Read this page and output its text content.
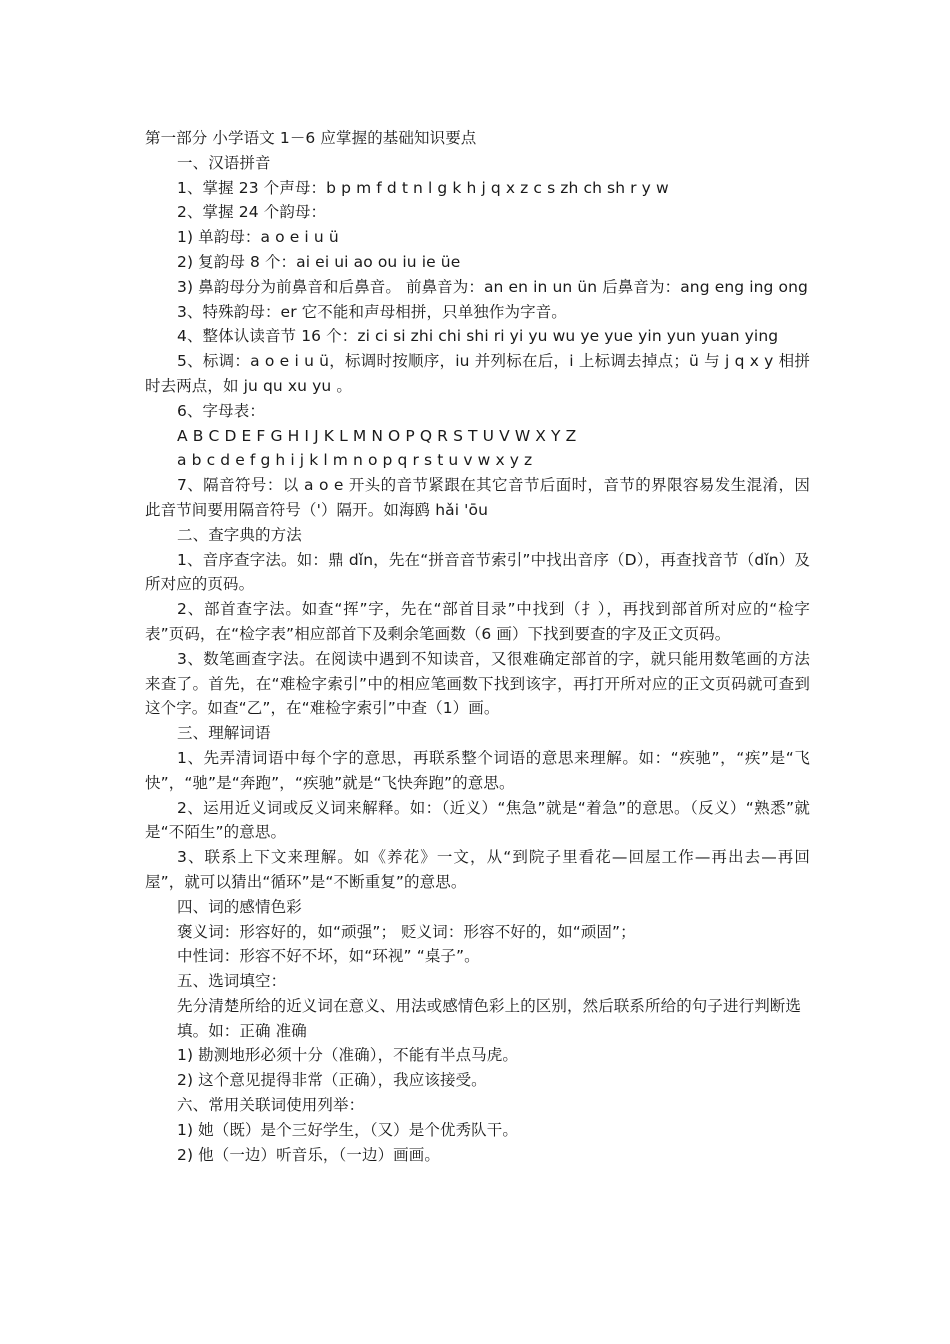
第一部分 小学语文 1－6 应掌握的基础知识要点
一、汉语拼音
1、掌握 23 个声母：b p m f d t n l g k h j q x z c s zh ch sh r y w
2、掌握 24 个韵母：
1) 单韵母：a o e i u ü
2) 复韵母 8 个：ai ei ui ao ou iu ie üe
3) 鼻韵母分为前鼻音和后鼻音。 前鼻音为：an en in un ün 后鼻音为：ang eng ing ong
3、特殊韵母：er 它不能和声母相拼，只单独作为字音。
4、整体认读音节 16 个：zi ci si zhi chi shi ri yi yu wu ye yue yin yun yuan ying
5、标调：a o e i u ü，标调时按顺序，iu 并列标在后，i 上标调去掉点；ü 与 j q x y 相拼时去两点，如 ju qu xu yu 。
6、字母表：
A B C D E F G H I J K L M N O P Q R S T U V W X Y Z
a b c d e f g h i j k l m n o p q r s t u v w x y z
7、隔音符号：以 a o e 开头的音节紧跟在其它音节后面时，音节的界限容易发生混淆，因此音节间要用隔音符号（'）隔开。如海鸥 hǎi 'ōu
二、查字典的方法
1、音序查字法。如：鼎 dǐn，先在“拼音音节索引”中找出音序（D），再查找音节（dǐn）及所对应的页码。
2、部首查字法。如查“挥”字，先在“部首目录”中找到（扌），再找到部首所对应的“检字表”页码，在“检字表”相应部首下及剩余笔画数（6 画）下找到要查的字及正文页码。
3、数笔画查字法。在阅读中遇到不知读音，又很难确定部首的字，就只能用数笔画的方法来查了。首先，在“难检字索引”中的相应笔画数下找到该字，再打开所对应的正文页码就可查到这个字。如查“乙”，在“难检字索引”中查（1）画。
三、理解词语
1、先弄清词语中每个字的意思，再联系整个词语的意思来理解。如：“疾驰”，“疾”是“飞快”，“驰”是“奔跑”，“疾驰”就是“飞快奔跑”的意思。
2、运用近义词或反义词来解释。如：（近义）“焦急”就是“着急”的意思。（反义）“熟悉”就是“不陌生”的意思。
3、联系上下文来理解。如《养花》一文，从“到院子里看花—回屋工作—再出去—再回屋”，就可以猜出“循环”是“不断重复”的意思。
四、词的感情色彩
褒义词：形容好的，如“顽强”； 贬义词：形容不好的，如“顽固”；
中性词：形容不好不坏，如“环视” “桌子”。
五、选词填空：
先分清楚所给的近义词在意义、用法或感情色彩上的区别，然后联系所给的句子进行判断选
填。如：正确 准确
1) 勘测地形必须十分（准确），不能有半点马虎。
2) 这个意见提得非常（正确），我应该接受。
六、常用关联词使用列举：
1) 她（既）是个三好学生，（又）是个优秀队干。
2) 他（一边）听音乐，（一边）画画。
